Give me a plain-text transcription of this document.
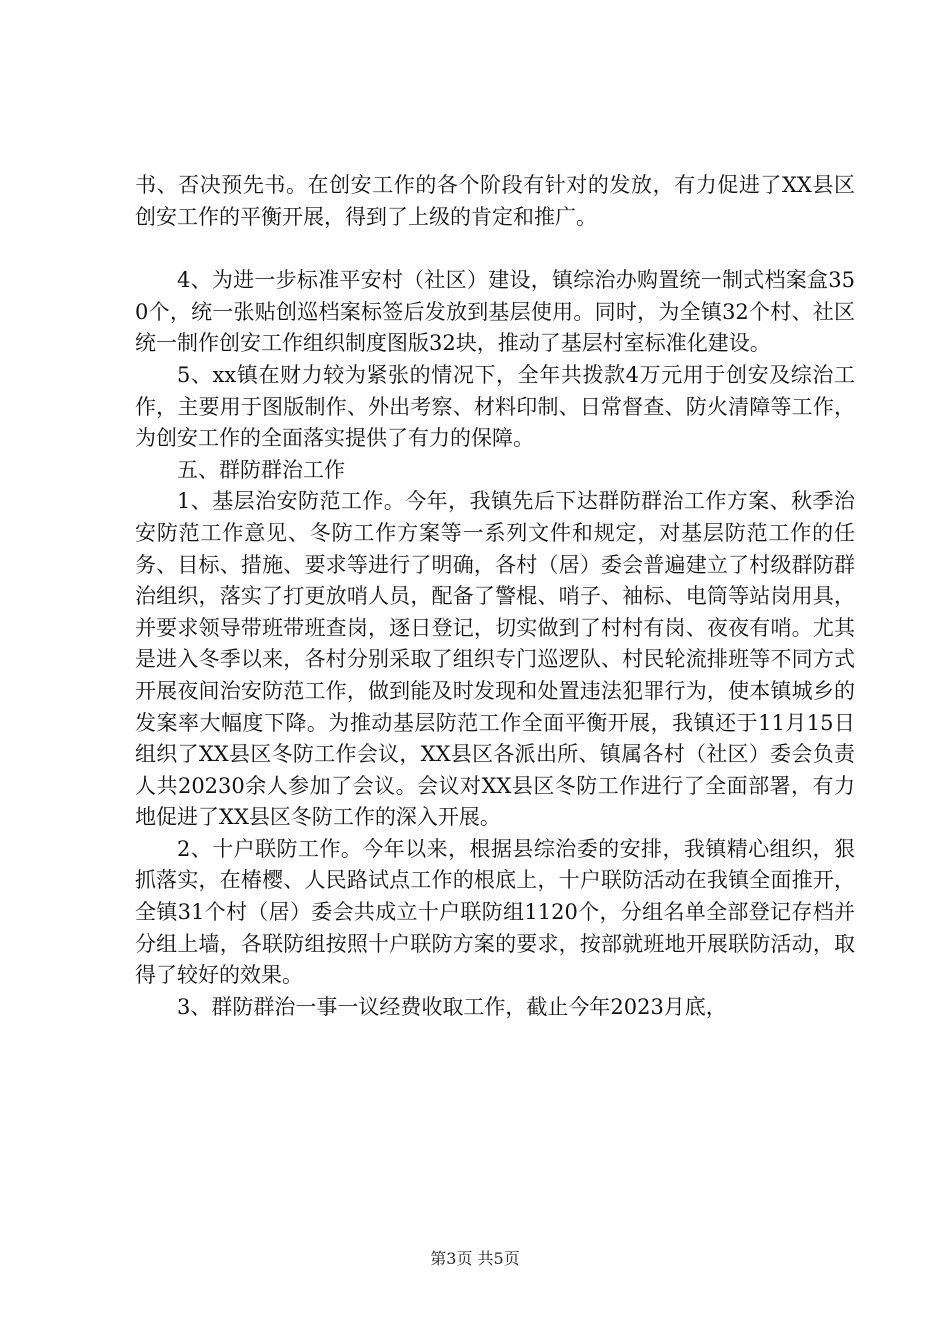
书、否决预先书。在创安工作的各个阶段有针对的发放，有力促进了XX县区创安工作的平衡开展，得到了上级的肯定和推广。

4、为进一步标准平安村（社区）建设，镇综治办购置统一制式档案盒350个，统一张贴创巡档案标签后发放到基层使用。同时，为全镇32个村、社区统一制作创安工作组织制度图版32块，推动了基层村室标准化建设。

5、xx镇在财力较为紧张的情况下，全年共拨款4万元用于创安及综治工作，主要用于图版制作、外出考察、材料印制、日常督查、防火清障等工作，为创安工作的全面落实提供了有力的保障。

五、群防群治工作

1、基层治安防范工作。今年，我镇先后下达群防群治工作方案、秋季治安防范工作意见、冬防工作方案等一系列文件和规定，对基层防范工作的任务、目标、措施、要求等进行了明确，各村（居）委会普遍建立了村级群防群治组织，落实了打更放哨人员，配备了警棍、哨子、袖标、电筒等站岗用具，并要求领导带班带班查岗，逐日登记，切实做到了村村有岗、夜夜有哨。尤其是进入冬季以来，各村分别采取了组织专门巡逻队、村民轮流排班等不同方式开展夜间治安防范工作，做到能及时发现和处置违法犯罪行为，使本镇城乡的发案率大幅度下降。为推动基层防范工作全面平衡开展，我镇还于11月15日组织了XX县区冬防工作会议，XX县区各派出所、镇属各村（社区）委会负责人共20230余人参加了会议。会议对XX县区冬防工作进行了全面部署，有力地促进了XX县区冬防工作的深入开展。

2、十户联防工作。今年以来，根据县综治委的安排，我镇精心组织，狠抓落实，在椿樱、人民路试点工作的根底上，十户联防活动在我镇全面推开，全镇31个村（居）委会共成立十户联防组1120个，分组名单全部登记存档并分组上墙，各联防组按照十户联防方案的要求，按部就班地开展联防活动，取得了较好的效果。

3、群防群治一事一议经费收取工作，截止今年2023月底，

第3页 共5页
